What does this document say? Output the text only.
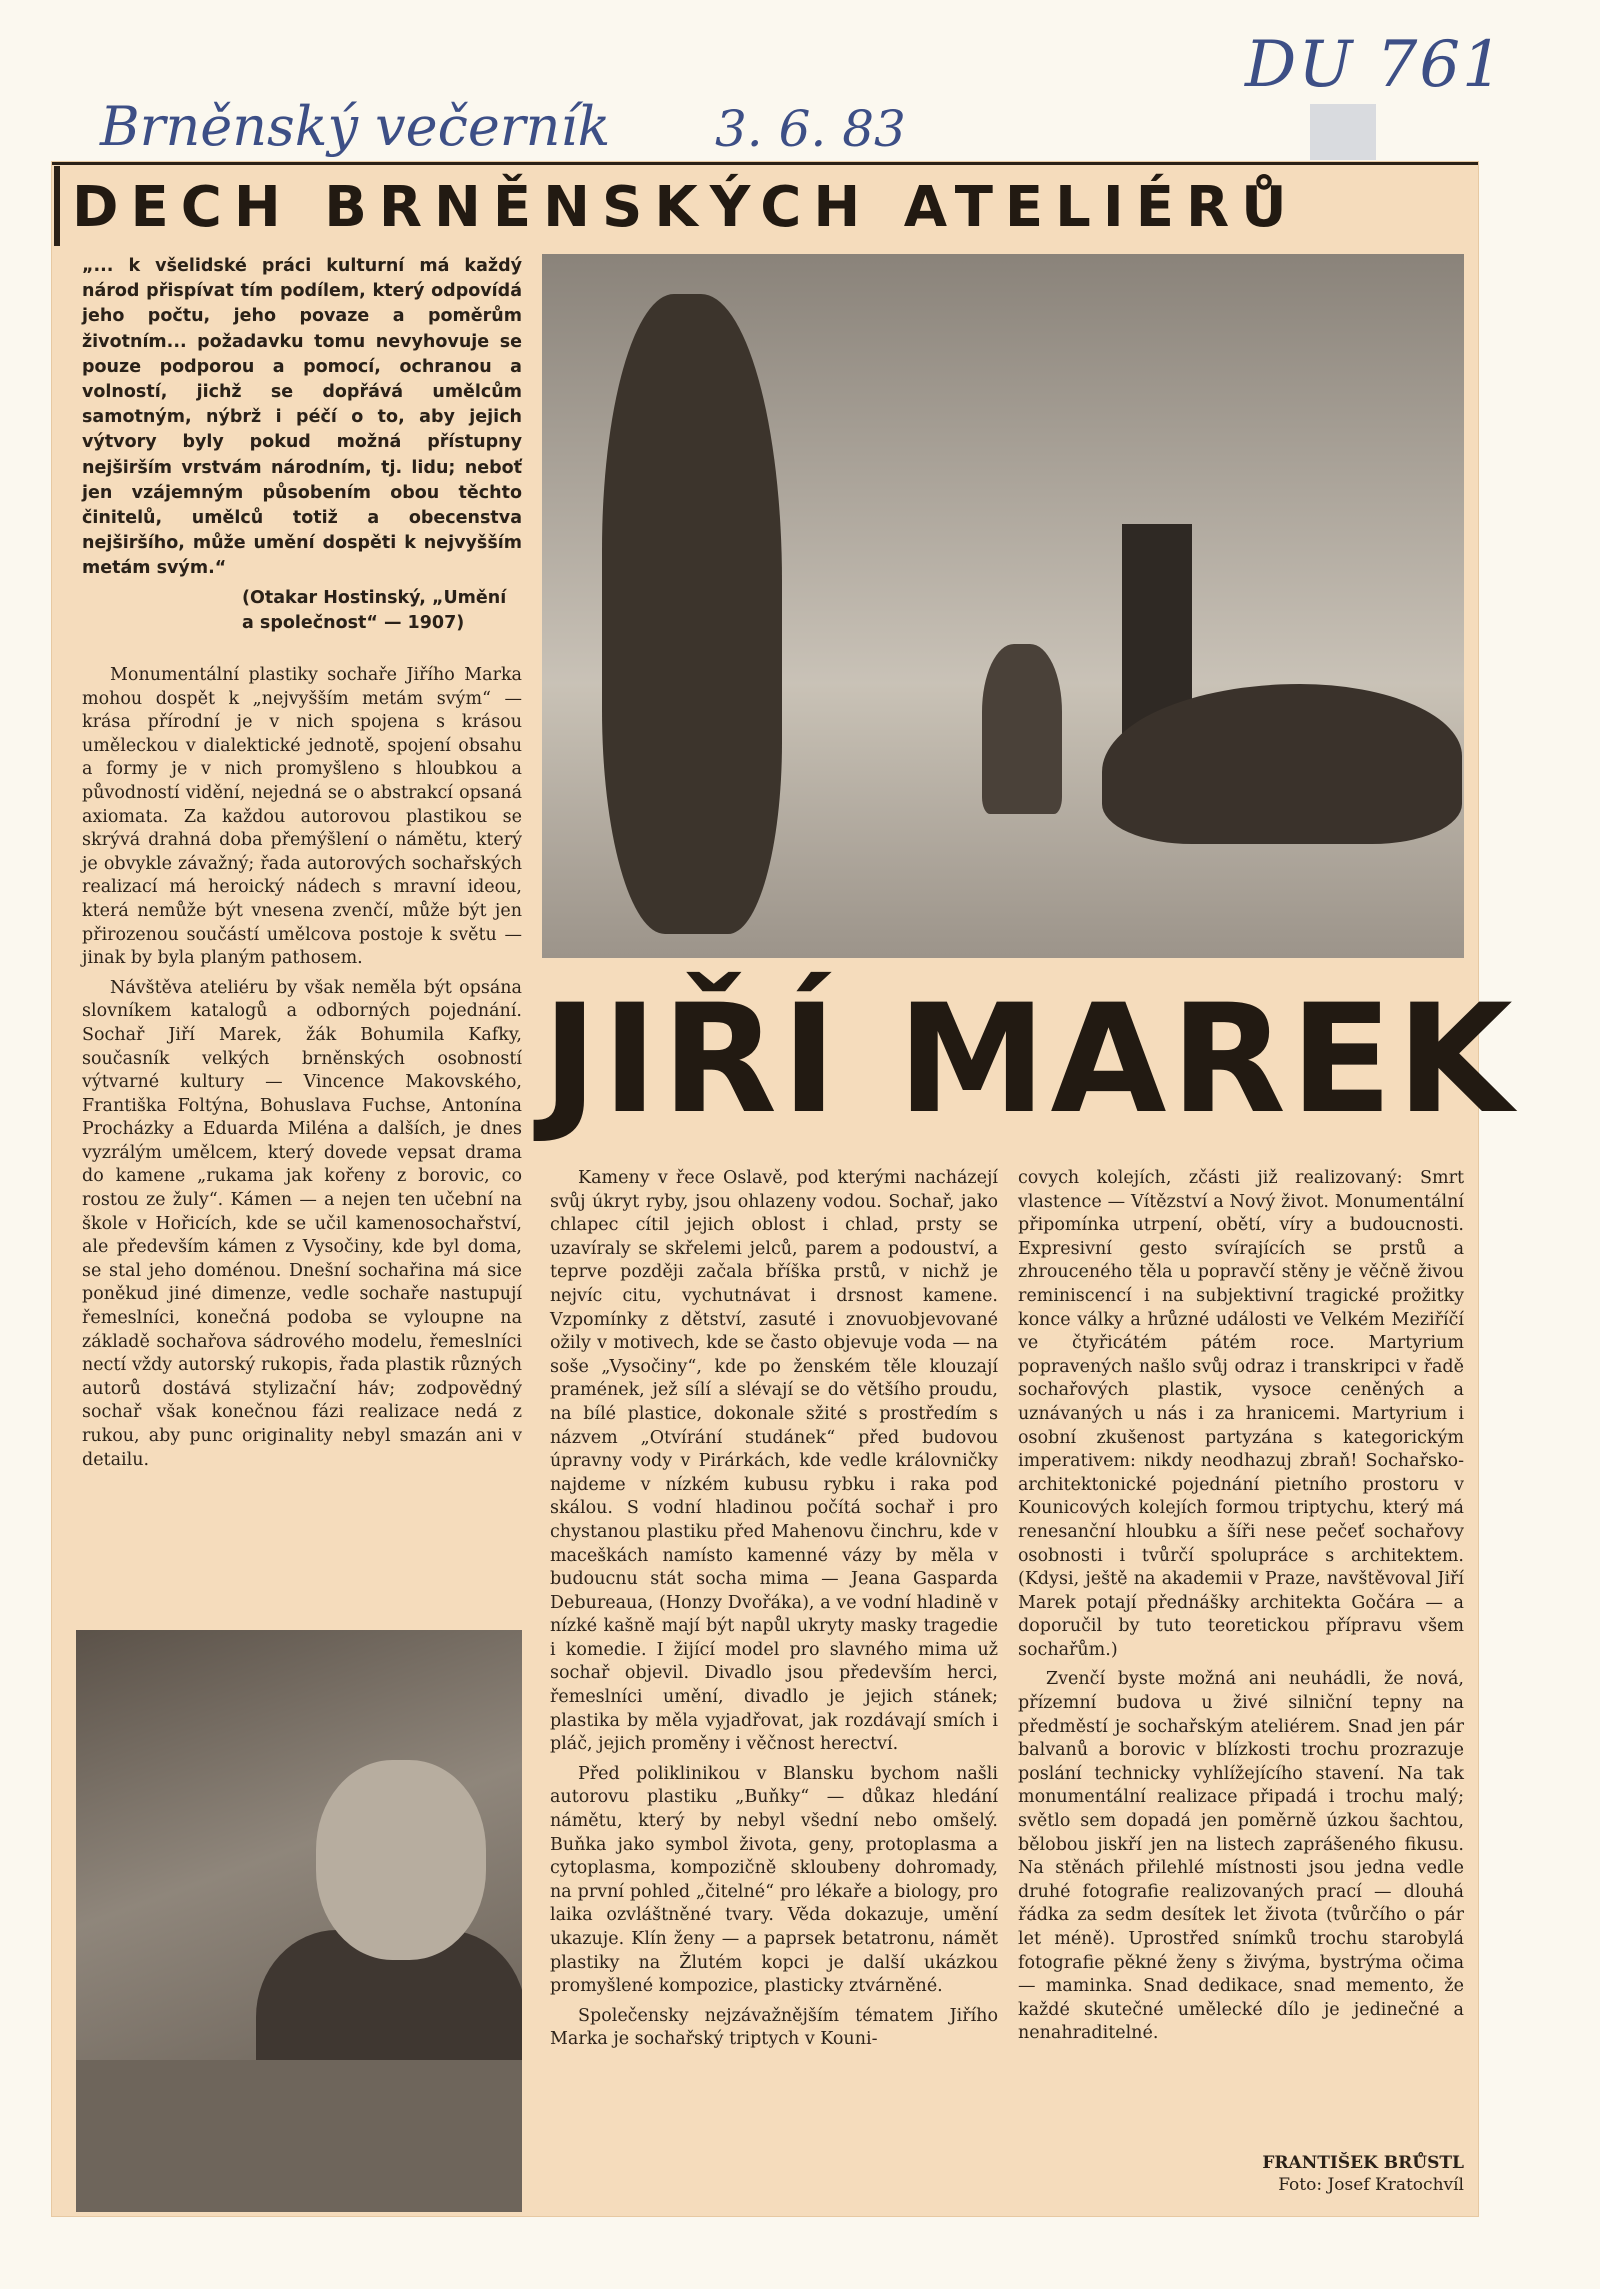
DU 761
Brněnský večerník 3. 6. 83
DECH BRNĚNSKÝCH ATELIÉRŮ

„... k všelidské práci kulturní má každý národ přispívat tím podílem, který odpovídá jeho počtu, jeho povaze a poměrům životním... požadavku tomu nevyhovuje se pouze podporou a pomocí, ochranou a volností, jichž se dopřává umělcům samotným, nýbrž i péčí o to, aby jejich výtvory byly pokud možná přístupny nejširším vrstvám národním, tj. lidu; neboť jen vzájemným působením obou těchto činitelů, umělců totiž a obecenstva nejširšího, může umění dospěti k nejvyšším metám svým.“

(Otakar Hostinský, „Umění a společnost“ — 1907)
JIŘÍ MAREK

Monumentální plastiky sochaře Jiřího Marka mohou dospět k „nejvyšším metám svým“ — krása přírodní je v nich spojena s krásou uměleckou v dialektické jednotě, spojení obsahu a formy je v nich promyšleno s hloubkou a původností vidění, nejedná se o abstrakcí opsaná axiomata. Za každou autorovou plastikou se skrývá drahná doba přemýšlení o námětu, který je obvykle závažný; řada autorových sochařských realizací má heroický nádech s mravní ideou, která nemůže být vnesena zvenčí, může být jen přirozenou součástí umělcova postoje k světu — jinak by byla planým pathosem.

Návštěva ateliéru by však neměla být opsána slovníkem katalogů a odborných pojednání. Sochař Jiří Marek, žák Bohumila Kafky, současník velkých brněnských osobností výtvarné kultury — Vincence Makovského, Františka Foltýna, Bohuslava Fuchse, Antonína Procházky a Eduarda Miléna a dalších, je dnes vyzrálým umělcem, který dovede vepsat drama do kamene „rukama jak kořeny z borovic, co rostou ze žuly“. Kámen — a nejen ten učební na škole v Hořicích, kde se učil kamenosochařství, ale především kámen z Vysočiny, kde byl doma, se stal jeho doménou. Dnešní sochařina má sice poněkud jiné dimenze, vedle sochaře nastupují řemeslníci, konečná podoba se vyloupne na základě sochařova sádrového modelu, řemeslníci nectí vždy autorský rukopis, řada plastik různých autorů dostává stylizační háv; zodpovědný sochař však konečnou fázi realizace nedá z rukou, aby punc originality nebyl smazán ani v detailu.

Kameny v řece Oslavě, pod kterými nacházejí svůj úkryt ryby, jsou ohlazeny vodou. Sochař, jako chlapec cítil jejich oblost i chlad, prsty se uzavíraly se skřelemi jelců, parem a podouství, a teprve později začala bříška prstů, v nichž je nejvíc citu, vychutnávat i drsnost kamene. Vzpomínky z dětství, zasuté i znovuobjevované ožily v motivech, kde se často objevuje voda — na soše „Vysočiny“, kde po ženském těle klouzají pramének, jež sílí a slévají se do většího proudu, na bílé plastice, dokonale sžité s prostředím s názvem „Otvírání studánek“ před budovou úpravny vody v Pirárkách, kde vedle královničky najdeme v nízkém kubusu rybku i raka pod skálou. S vodní hladinou počítá sochař i pro chystanou plastiku před Mahenovu činchru, kde v maceškách namísto kamenné vázy by měla v budoucnu stát socha mima — Jeana Gasparda Debureaua, (Honzy Dvořáka), a ve vodní hladině v nízké kašně mají být napůl ukryty masky tragedie i komedie. I žijící model pro slavného mima už sochař objevil. Divadlo jsou především herci, řemeslníci umění, divadlo je jejich stánek; plastika by měla vyjadřovat, jak rozdávají smích i pláč, jejich proměny i věčnost herectví.

Před poliklinikou v Blansku bychom našli autorovu plastiku „Buňky“ — důkaz hledání námětu, který by nebyl všední nebo omšelý. Buňka jako symbol života, geny, protoplasma a cytoplasma, kompozičně skloubeny dohromady, na první pohled „čitelné“ pro lékaře a biology, pro laika ozvláštněné tvary. Věda dokazuje, umění ukazuje. Klín ženy — a paprsek betatronu, námět plastiky na Žlutém kopci je další ukázkou promyšlené kompozice, plasticky ztvárněné.

Společensky nejzávažnějším tématem Jiřího Marka je sochařský triptych v Kouni-

covych kolejích, zčásti již realizovaný: Smrt vlastence — Vítězství a Nový život. Monumentální připomínka utrpení, obětí, víry a budoucnosti. Expresivní gesto svírajících se prstů a zhrouceného těla u popravčí stěny je věčně živou reminiscencí i na subjektivní tragické prožitky konce války a hrůzné události ve Velkém Meziříčí ve čtyřicátém pátém roce. Martyrium popravených našlo svůj odraz i transkripci v řadě sochařových plastik, vysoce ceněných a uznávaných u nás i za hranicemi. Martyrium i osobní zkušenost partyzána s kategorickým imperativem: nikdy neodhazuj zbraň! Sochařsko-architektonické pojednání pietního prostoru v Kounicových kolejích formou triptychu, který má renesanční hloubku a šíři nese pečeť sochařovy osobnosti i tvůrčí spolupráce s architektem. (Kdysi, ještě na akademii v Praze, navštěvoval Jiří Marek potají přednášky architekta Gočára — a doporučil by tuto teoretickou přípravu všem sochařům.)

Zvenčí byste možná ani neuhádli, že nová, přízemní budova u živé silniční tepny na předměstí je sochařským ateliérem. Snad jen pár balvanů a borovic v blízkosti trochu prozrazuje poslání technicky vyhlížejícího stavení. Na tak monumentální realizace připadá i trochu malý; světlo sem dopadá jen poměrně úzkou šachtou, bělobou jiskří jen na listech zaprášeného fikusu. Na stěnách přilehlé místnosti jsou jedna vedle druhé fotografie realizovaných prací — dlouhá řádka za sedm desítek let života (tvůrčího o pár let méně). Uprostřed snímků trochu starobylá fotografie pěkné ženy s živýma, bystrýma očima — maminka. Snad dedikace, snad memento, že každé skutečné umělecké dílo je jedinečné a nenahraditelné.

FRANTIŠEK BRŮSTL
Foto: Josef Kratochvíl
